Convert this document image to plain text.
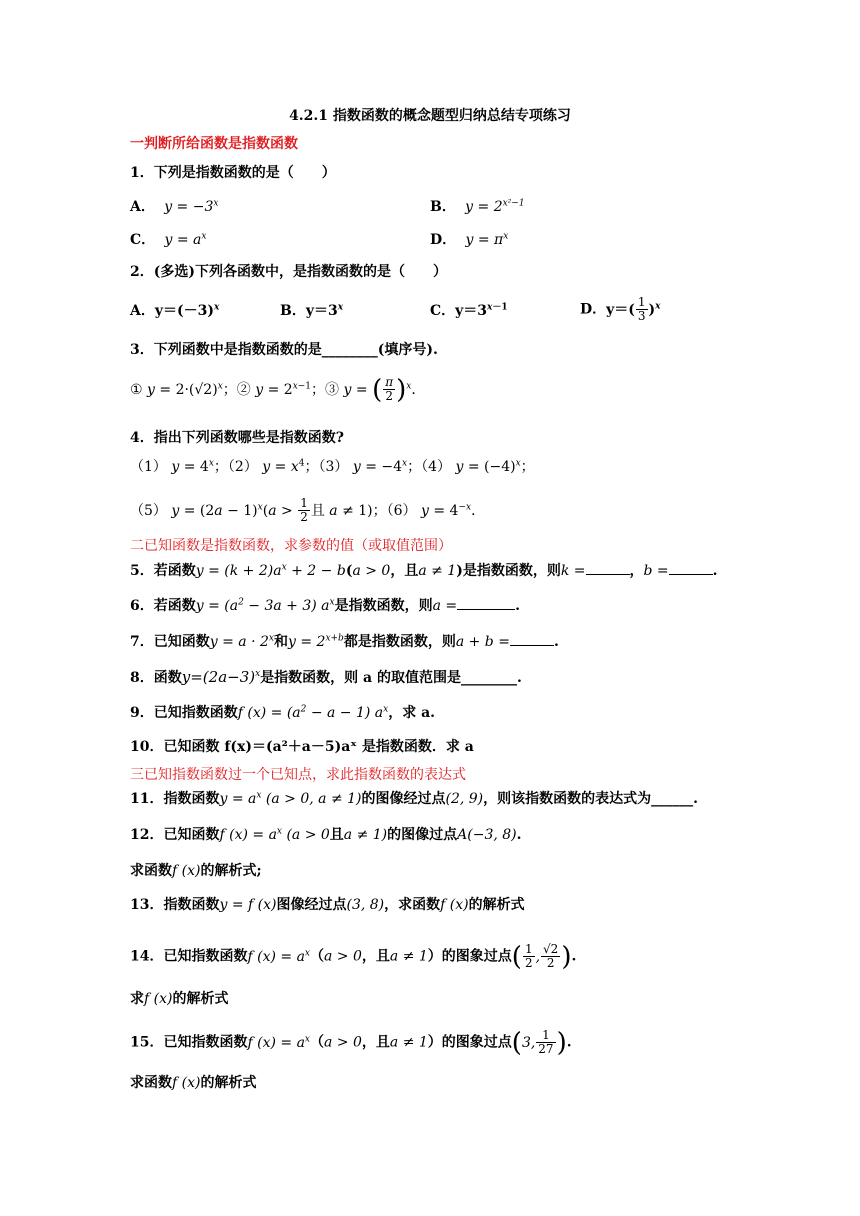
4.2.1 指数函数的概念题型归纳总结专项练习
一判断所给函数是指数函数
1．下列是指数函数的是（　　）
A．  $y = -3^x$	B．  $y = 2^{x^2-1}$
C．  $y = a^x$	D．  $y = \pi^x$
2．(多选)下列各函数中，是指数函数的是（　　）
A．$y=(-3)^x$	B．$y=3^x$	C．$y=3^{x-1}$	D．$y=( \frac{1}{3} )^x$
3．下列函数中是指数函数的是________(填序号).
① $y = 2\cdot(√2)^x$；② $y = 2^{x-1}$；③ y = ( $\frac{\pi}{2} )^x$．
4．指出下列函数哪些是指数函数?
（1） $y = 4^x$；（2） $y = x^4$；（3） $y = -4^x$；（4） $y = (-4)^x$；
（5） $y = (2a - 1)^x(a > \frac{1}{2}$ 且 a ≠ 1)；（6） $y = 4^{-x}$．
二已知函数是指数函数，求参数的值（或取值范围）
5．若函数$y = (k + 2)a^x + 2 - b(a > 0$，且a ≠ 1)是指数函数，则k =	，b =	.
6．若函数$y = (a^2 - 3a + 3)$ $a^x$是指数函数，则a =	.
7．已知函数$y = a \cdot 2^x$和$y = 2^{x+b}$都是指数函数，则a + b =	.
8．函数$y=(2a-3)^x$是指数函数，则 a 的取值范围是________.
9．已知指数函数f $(x) = (a^2 - a - 1)$ $a^x$，求 a.
10．已知函数 f(x)＝(a²＋a－5)aˣ 是指数函数．求 a
三已知指数函数过一个已知点，求此指数函数的表达式
11．指数函数$y = a^x$ (a > 0, a ≠ 1)的图像经过点(2, 9)，则该指数函数的表达式为______.
12．已知函数f $(x) = a^x$ (a > 0且a ≠ 1)的图像过点A(−3, 8).
求函数f (x)的解析式;
13．指数函数y = f (x)图像经过点(3, 8)，求函数f (x)的解析式
14．已知指数函数f $(x) = a^x(a > 0$，且a ≠ 1）的图象过点( $\frac{1}{2}$ , $\frac{√2}{2}$ ).
求f (x)的解析式
15．已知指数函数f $(x) = a^x(a > 0$，且a ≠ 1）的图象过点(3, $\frac{1}{27}$ ).
求函数f (x)的解析式
